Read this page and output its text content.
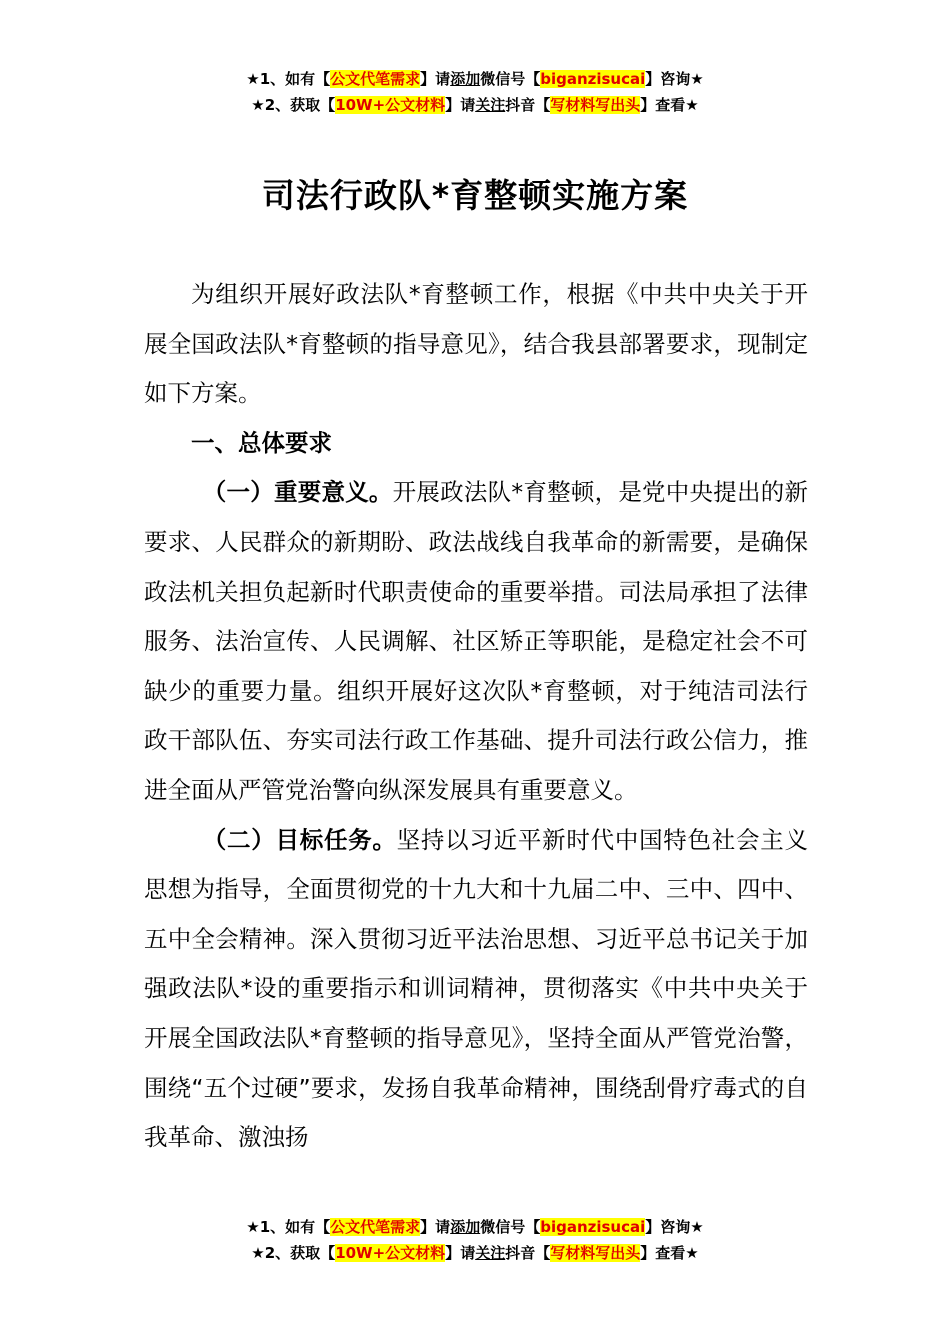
★1、如有【公文代笔需求】请添加微信号【biganzisucai】咨询★
★2、获取【10W+公文材料】请关注抖音【写材料写出头】查看★
司法行政队*育整顿实施方案

为组织开展好政法队*育整顿工作，根据《中共中央关于开展全国政法队*育整顿的指导意见》，结合我县部署要求，现制定如下方案。

一、总体要求

（一）重要意义。开展政法队*育整顿，是党中央提出的新要求、人民群众的新期盼、政法战线自我革命的新需要，是确保政法机关担负起新时代职责使命的重要举措。司法局承担了法律服务、法治宣传、人民调解、社区矫正等职能，是稳定社会不可缺少的重要力量。组织开展好这次队*育整顿，对于纯洁司法行政干部队伍、夯实司法行政工作基础、提升司法行政公信力，推进全面从严管党治警向纵深发展具有重要意义。

（二）目标任务。坚持以习近平新时代中国特色社会主义思想为指导，全面贯彻党的十九大和十九届二中、三中、四中、五中全会精神。深入贯彻习近平法治思想、习近平总书记关于加强政法队*设的重要指示和训词精神，贯彻落实《中共中央关于开展全国政法队*育整顿的指导意见》，坚持全面从严管党治警，围绕“五个过硬”要求，发扬自我革命精神，围绕刮骨疗毒式的自我革命、激浊扬

★1、如有【公文代笔需求】请添加微信号【biganzisucai】咨询★
★2、获取【10W+公文材料】请关注抖音【写材料写出头】查看★
